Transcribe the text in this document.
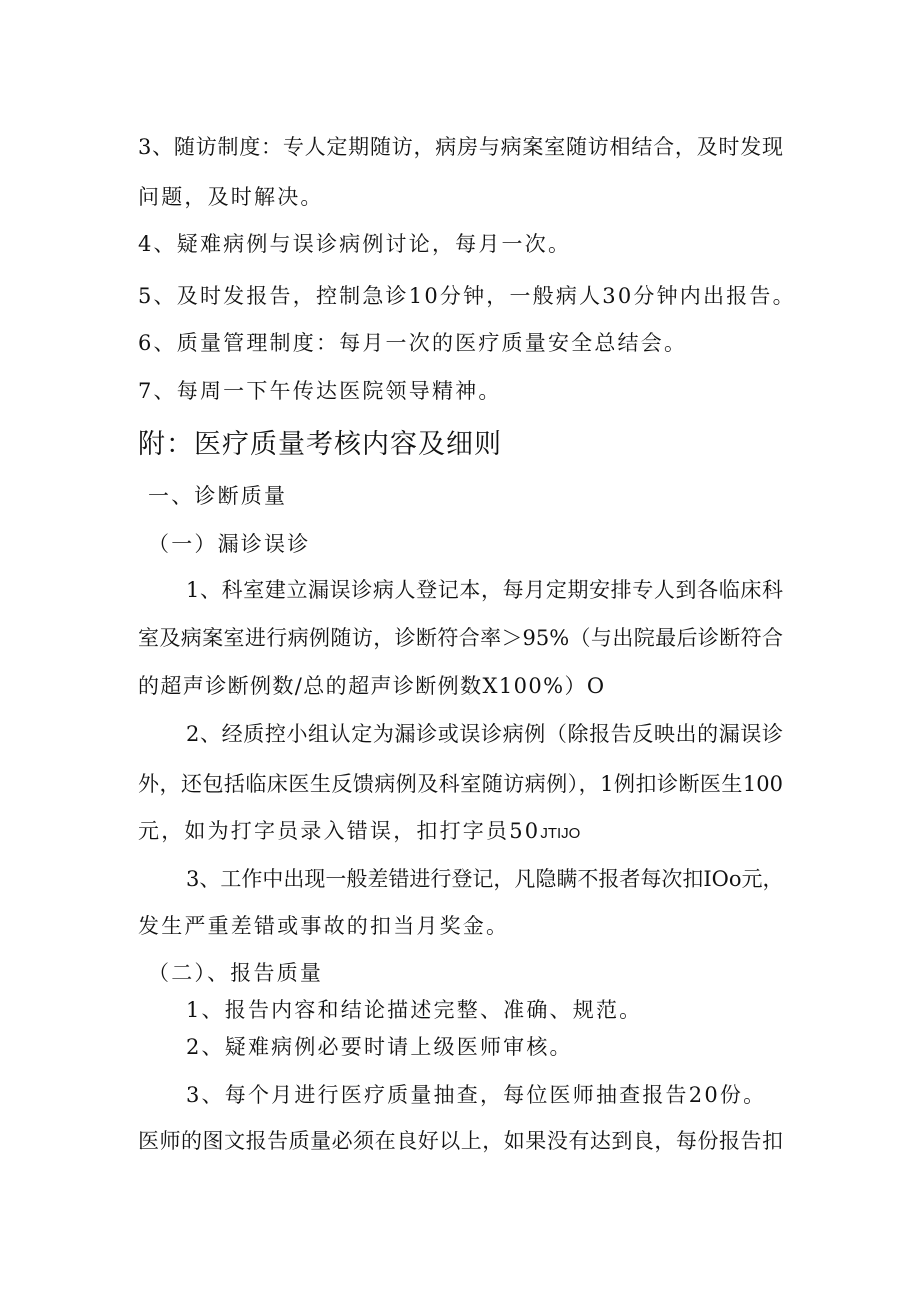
3、随访制度：专人定期随访，病房与病案室随访相结合，及时发现
问题，及时解决。
4、疑难病例与误诊病例讨论，每月一次。
5、及时发报告，控制急诊10分钟，一般病人30分钟内出报告。
6、质量管理制度：每月一次的医疗质量安全总结会。
7、每周一下午传达医院领导精神。
附：医疗质量考核内容及细则
一、诊断质量
（一）漏诊误诊
1、科室建立漏误诊病人登记本，每月定期安排专人到各临床科
室及病案室进行病例随访，诊断符合率＞95%（与出院最后诊断符合
的超声诊断例数/总的超声诊断例数X100%）O
2、经质控小组认定为漏诊或误诊病例（除报告反映出的漏误诊
外，还包括临床医生反馈病例及科室随访病例），1例扣诊断医生100
元，如为打字员录入错误，扣打字员50JTIJO
3、工作中出现一般差错进行登记，凡隐瞒不报者每次扣IOo元，
发生严重差错或事故的扣当月奖金。
（二）、报告质量
1、报告内容和结论描述完整、准确、规范。
2、疑难病例必要时请上级医师审核。
3、每个月进行医疗质量抽查，每位医师抽查报告20份。
医师的图文报告质量必须在良好以上，如果没有达到良，每份报告扣
